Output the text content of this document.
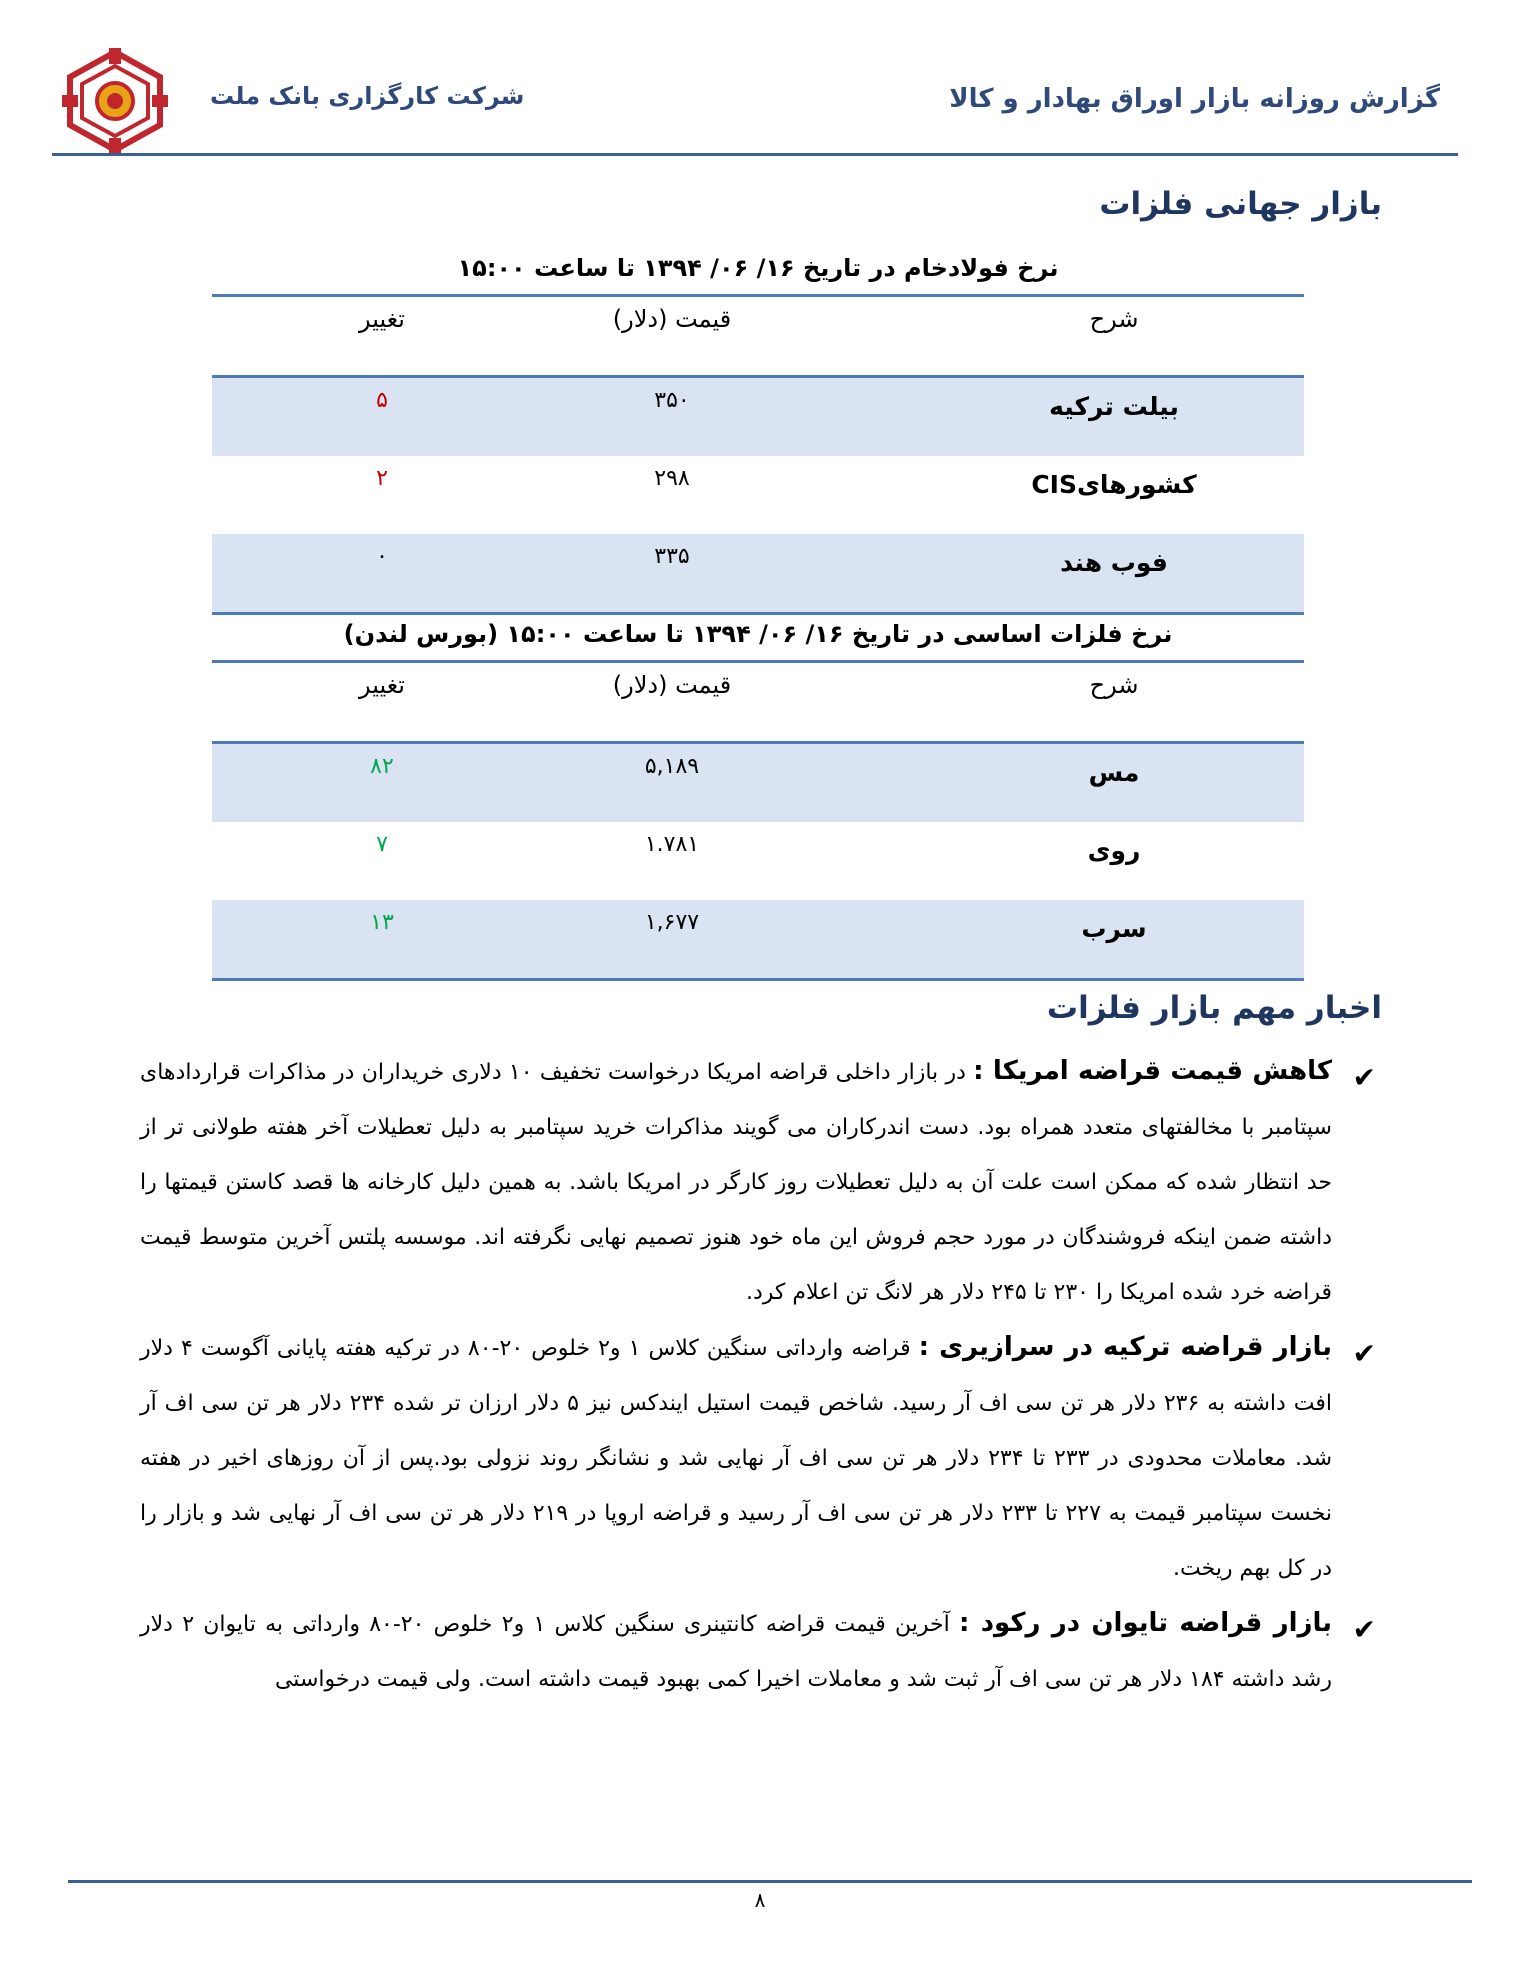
شرکت کارگزاری بانک ملت	گزارش روزانه بازار اوراق بهادار و کالا
بازار جهانی فلزات
نرخ فولادخام در تاریخ ۱۶/ ۰۶/ ۱۳۹۴ تا ساعت ۱۵:۰۰
شرح
قیمت (دلار)
تغییر
بیلت ترکیه
۳۵۰
۵
کشورهایCIS
۲۹۸
۲
فوب هند
۳۳۵
۰
نرخ فلزات اساسی در تاریخ ۱۶/ ۰۶/ ۱۳۹۴ تا ساعت ۱۵:۰۰ (بورس لندن)
شرح
قیمت (دلار)
تغییر
مس
۵,۱۸۹
۸۲
روی
۱.۷۸۱
۷
سرب
۱,۶۷۷
۱۳
اخبار مهم بازار فلزات
✔
کاهش قیمت قراضه امریکا : در بازار داخلی قراضه امریکا درخواست تخفیف ۱۰ دلاری خریداران در مذاکرات قراردادهای سپتامبر با مخالفتهای متعدد همراه بود. دست اندرکاران می گویند مذاکرات خرید سپتامبر به دلیل تعطیلات آخر هفته طولانی تر از حد انتظار شده که ممکن است علت آن به دلیل تعطیلات روز کارگر در امریکا باشد. به همین دلیل کارخانه ها قصد کاستن قیمتها را داشته ضمن اینکه فروشندگان در مورد حجم فروش این ماه خود هنوز تصمیم نهایی نگرفته اند. موسسه پلتس آخرین متوسط قیمت قراضه خرد شده امریکا را ۲۳۰ تا ۲۴۵ دلار هر لانگ تن اعلام کرد.
✔
بازار قراضه ترکیه در سرازیری : قراضه وارداتی سنگین کلاس ۱ و۲ خلوص ۲۰-۸۰ در ترکیه هفته پایانی آگوست ۴ دلار افت داشته به ۲۳۶ دلار هر تن سی اف آر رسید. شاخص قیمت استیل ایندکس نیز ۵ دلار ارزان تر شده ۲۳۴ دلار هر تن سی اف آر شد. معاملات محدودی در ۲۳۳ تا ۲۳۴ دلار هر تن سی اف آر نهایی شد و نشانگر روند نزولی بود.پس از آن روزهای اخیر در هفته نخست سپتامبر قیمت به ۲۲۷ تا ۲۳۳ دلار هر تن سی اف آر رسید و قراضه اروپا در ۲۱۹ دلار هر تن سی اف آر نهایی شد و بازار را در کل بهم ریخت.
✔
بازار قراضه تایوان در رکود : آخرین قیمت قراضه کانتینری سنگین کلاس ۱ و۲ خلوص ۲۰-۸۰ وارداتی به تایوان ۲ دلار رشد داشته ۱۸۴ دلار هر تن سی اف آر ثبت شد و معاملات اخیرا کمی بهبود قیمت داشته است. ولی قیمت درخواستی
۸
